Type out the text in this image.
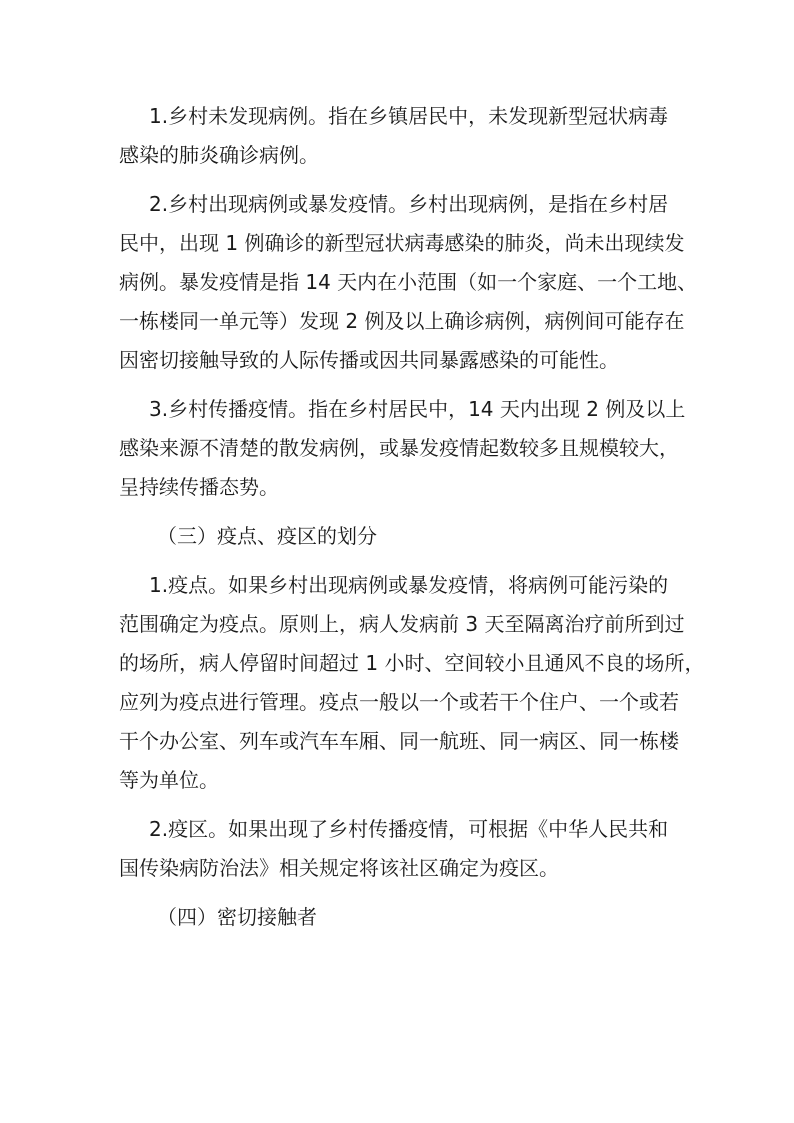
1.乡村未发现病例。指在乡镇居民中，未发现新型冠状病毒
感染的肺炎确诊病例。
2.乡村出现病例或暴发疫情。乡村出现病例，是指在乡村居
民中，出现 1 例确诊的新型冠状病毒感染的肺炎，尚未出现续发
病例。暴发疫情是指 14 天内在小范围（如一个家庭、一个工地、
一栋楼同一单元等）发现 2 例及以上确诊病例，病例间可能存在
因密切接触导致的人际传播或因共同暴露感染的可能性。
3.乡村传播疫情。指在乡村居民中，14 天内出现 2 例及以上
感染来源不清楚的散发病例，或暴发疫情起数较多且规模较大，
呈持续传播态势。
（三）疫点、疫区的划分
1.疫点。如果乡村出现病例或暴发疫情，将病例可能污染的
范围确定为疫点。原则上，病人发病前 3 天至隔离治疗前所到过
的场所，病人停留时间超过 1 小时、空间较小且通风不良的场所，
应列为疫点进行管理。疫点一般以一个或若干个住户、一个或若
干个办公室、列车或汽车车厢、同一航班、同一病区、同一栋楼
等为单位。
2.疫区。如果出现了乡村传播疫情，可根据《中华人民共和
国传染病防治法》相关规定将该社区确定为疫区。
（四）密切接触者
